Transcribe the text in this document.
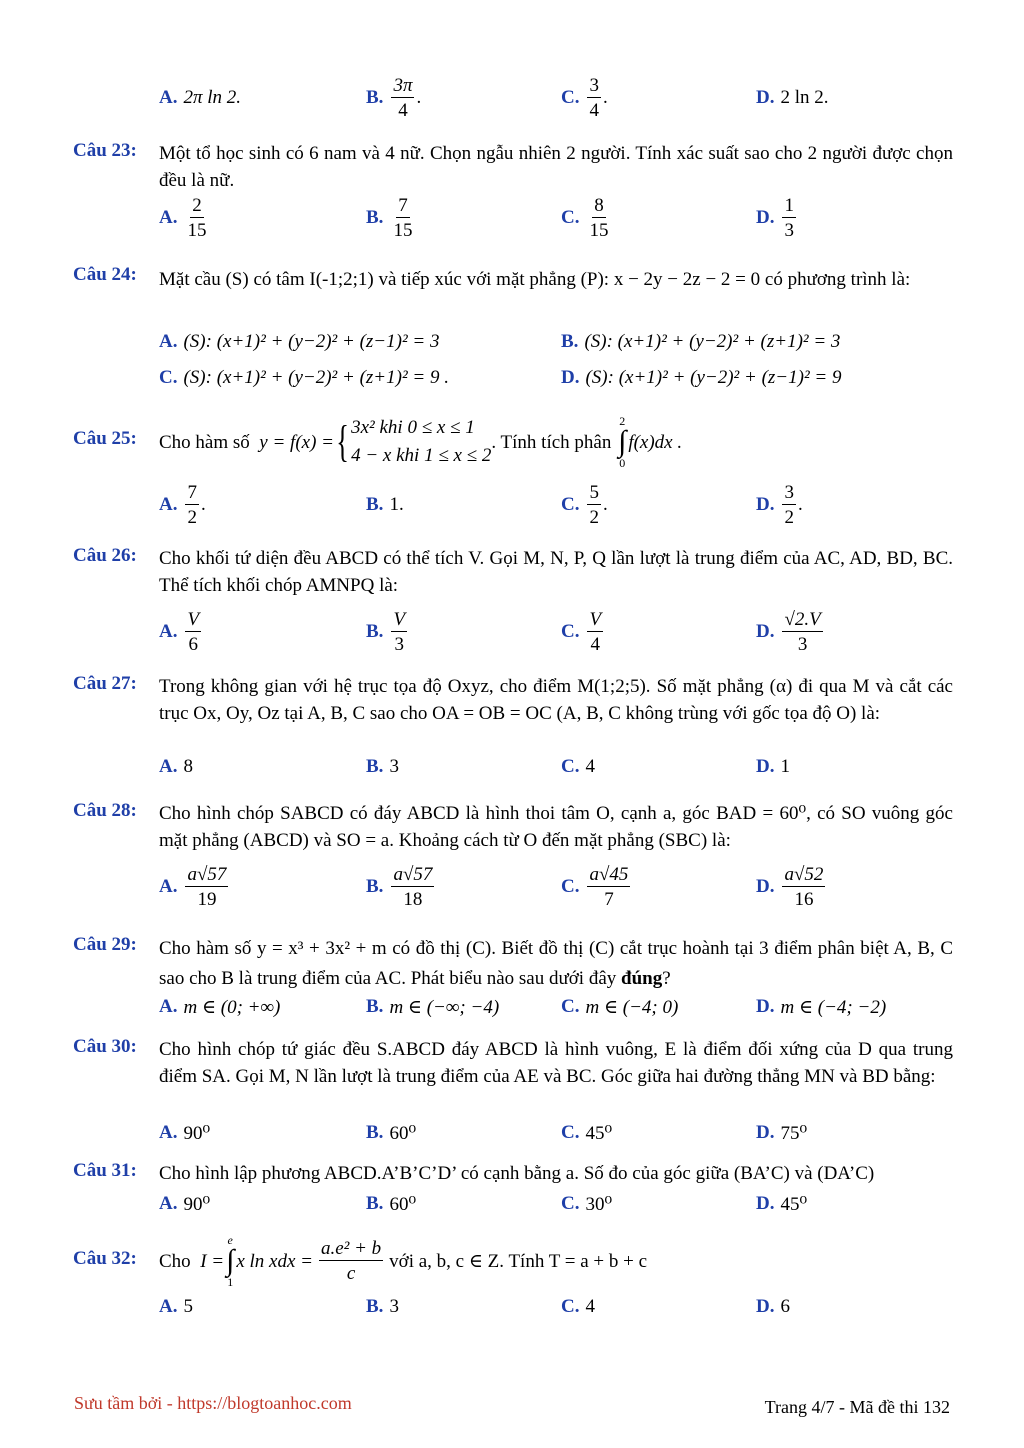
A. 2π ln 2.	B. $\frac{3\pi}{4}$ .	C. $\frac{3}{4}$ .	D. 2 ln 2.
Câu 23: Một tổ học sinh có 6 nam và 4 nữ. Chọn ngẫu nhiên 2 người. Tính xác suất sao cho 2 người được chọn đều là nữ.
A. $\frac{2}{15}$	B. $\frac{7}{15}$	C. $\frac{8}{15}$	D. $\frac{1}{3}$
Câu 24: Mặt cầu (S) có tâm I(-1;2;1) và tiếp xúc với mặt phẳng (P): x − 2y − 2z − 2 = 0 có phương trình là:
A. (S): (x+1)² + (y−2)² + (z−1)² = 3	B. (S): (x+1)² + (y−2)² + (z+1)² = 3
C. (S): (x+1)² + (y−2)² + (z+1)² = 9 .	D. (S): (x+1)² + (y−2)² + (z−1)² = 9
Câu 25: Cho hàm số
y = f(x) = { 3x² khi 0 ≤ x ≤ 1
4 − x khi 1 ≤ x ≤ 2
. Tính tích phân

2
∫
0
f(x)dx .
A. $\frac{7}{2}$ .	B. 1.	C. $\frac{5}{2}$ .	D. $\frac{3}{2}$ .
Câu 26: Cho khối tứ diện đều ABCD có thể tích V. Gọi M, N, P, Q lần lượt là trung điểm của AC, AD, BD, BC. Thể tích khối chóp AMNPQ là:
A. $\frac{V}{6}$	B. $\frac{V}{3}$	C. $\frac{V}{4}$	D. $\frac{√2.V}{3}$
Câu 27: Trong không gian với hệ trục tọa độ Oxyz, cho điểm M(1;2;5). Số mặt phẳng (α) đi qua M và cắt các trục Ox, Oy, Oz tại A, B, C sao cho OA = OB = OC (A, B, C không trùng với gốc tọa độ O) là:
A. 8	B. 3	C. 4	D. 1
Câu 28: Cho hình chóp SABCD có đáy ABCD là hình thoi tâm O, cạnh a, góc BAD = 60⁰, có SO vuông góc mặt phẳng (ABCD) và SO = a. Khoảng cách từ O đến mặt phẳng (SBC) là:
A. $\frac{a√57}{19}$	B. $\frac{a√57}{18}$	C. $\frac{a√45}{7}$	D. $\frac{a√52}{16}$
Câu 29: Cho hàm số y = x³ + 3x² + m có đồ thị (C). Biết đồ thị (C) cắt trục hoành tại 3 điểm phân biệt A, B, C sao cho B là trung điểm của AC. Phát biểu nào sau dưới đây đúng?
A. m ∈ (0; +∞)	B. m ∈ (−∞; −4)	C. m ∈ (−4; 0)	D. m ∈ (−4; −2)
Câu 30: Cho hình chóp tứ giác đều S.ABCD đáy ABCD là hình vuông, E là điểm đối xứng của D qua trung điểm SA. Gọi M, N lần lượt là trung điểm của AE và BC. Góc giữa hai đường thẳng MN và BD bằng:
A. 90⁰	B. 60⁰	C. 45⁰	D. 75⁰
Câu 31: Cho hình lập phương ABCD.A’B’C’D’ có cạnh bằng a. Số đo của góc giữa (BA’C) và (DA’C)
A. 90⁰	B. 60⁰	C. 30⁰	D. 45⁰
Câu 32: Cho
I =
e
∫
1
x ln xdx = $\frac{\text{a.e² + b}}{c}$ với a, b, c ∈ Z. Tính T = a + b + c
A. 5	B. 3	C. 4	D. 6
Sưu tầm bởi - https://blogtoanhoc.com	Trang 4/7 - Mã đề thi 132
